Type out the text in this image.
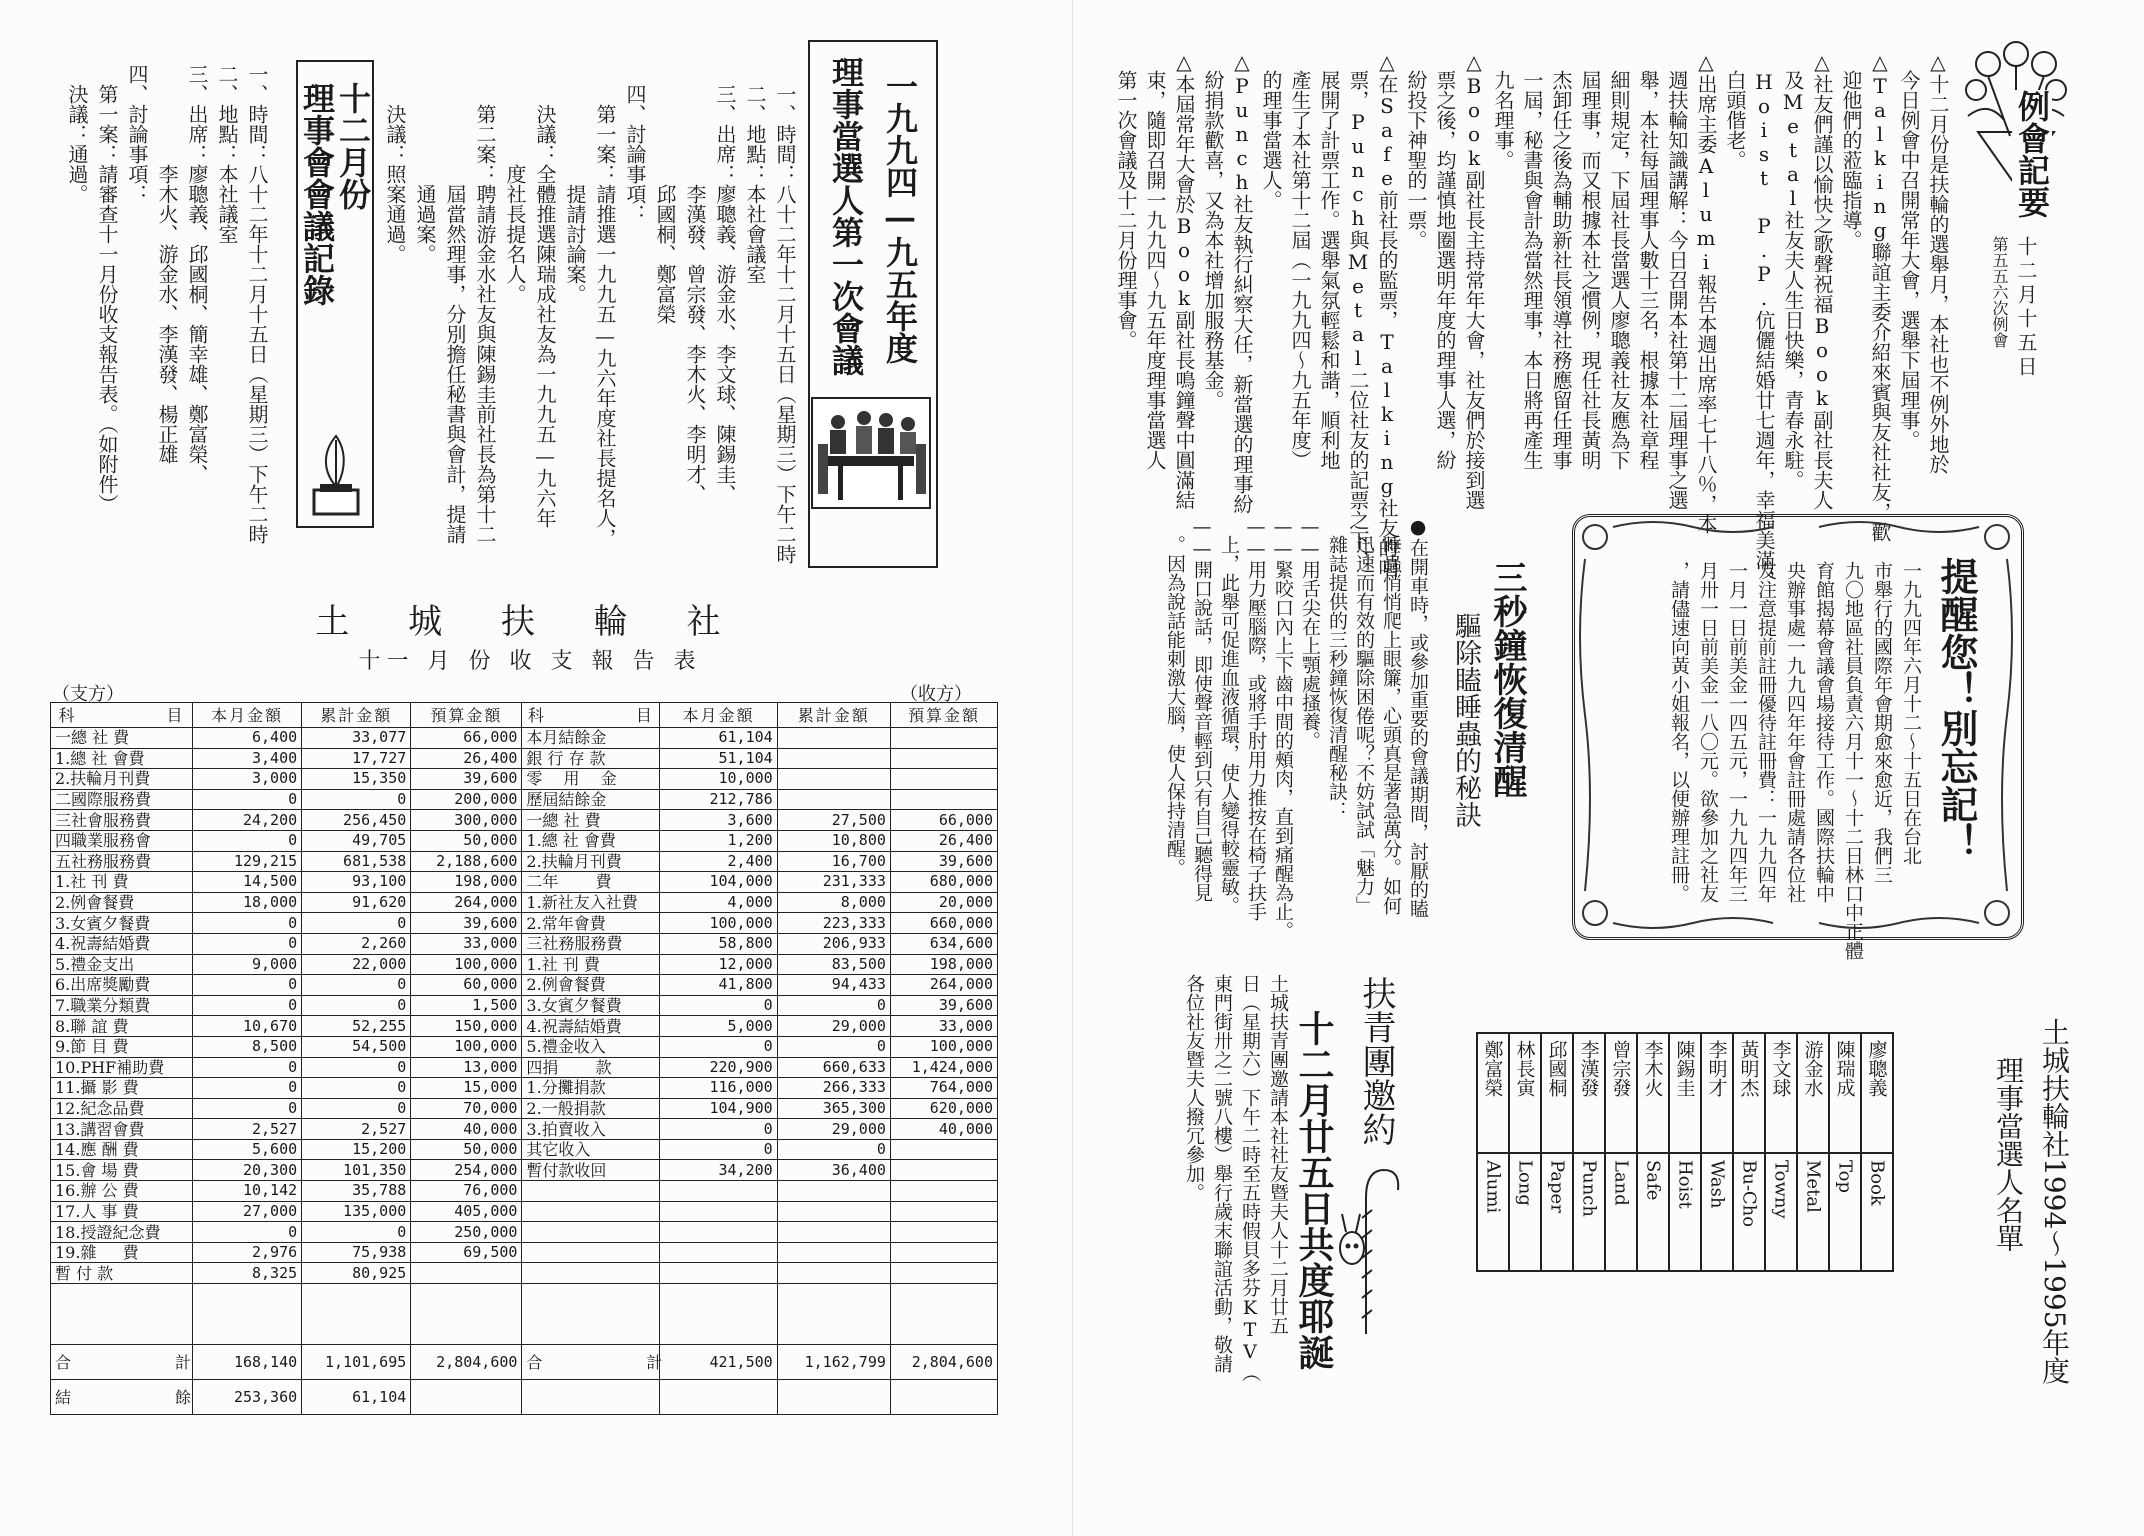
一九九四—九五年度
理事當選人第一次會議
一、時間：八十二年十二月十五日（星期三）下午二時
二、地點：本社會議室
三、出席：廖聰義、游金水、李文球、陳錫圭、
　　　　　李漢發、曾宗發、李木火、李明才、
　　　　　邱國桐、鄭富榮
四、討論事項：
　第一案：請推選一九九五—九六年度社長提名人，
　　　　　提請討論案。
　決議：全體推選陳瑞成社友為一九九五—九六年
　　　　度社長提名人。
　第二案：聘請游金水社友與陳錫圭前社長為第十二
　　　　　屆當然理事，分別擔任秘書與會計，提請
　　　　　通過案。
　決議：照案通過。
十二月份
理事會會議記錄
一、時間：八十二年十二月十五日（星期三）下午二時
二、地點：本社議室
三、出席：廖聰義、邱國桐、簡幸雄、鄭富榮、
　　　　　李木火、游金水、李漢發、楊正雄
四、討論事項：
　第一案：請審查十一月份收支報告表。（如附件）
　決議：通過。
土 城 扶 輪 社
十一 月 份 收 支 報 告 表
（支方）	（收方）
科　　　　　目	本月金額	累計金額	預算金額	科　　　　　目	本月金額	累計金額	預算金額
一總 社 費	6,400	33,077	66,000	本月結餘金	61,104		
1.總 社 會費	3,400	17,727	26,400	銀 行 存 款	51,104		
2.扶輪月刊費	3,000	15,350	39,600	零 　用 　金	10,000		
二國際服務費	0	0	200,000	歷屆結餘金	212,786		
三社會服務費	24,200	256,450	300,000	一總 社 費	3,600	27,500	66,000
四職業服務會	0	49,705	50,000	1.總 社 會費	1,200	10,800	26,400
五社務服務費	129,215	681,538	2,188,600	2.扶輪月刊費	2,400	16,700	39,600
1.社 刊 費	14,500	93,100	198,000	二年 　　費	104,000	231,333	680,000
2.例會餐費	18,000	91,620	264,000	1.新社友入社費	4,000	8,000	20,000
3.女賓夕餐費	0	0	39,600	2.常年會費	100,000	223,333	660,000
4.祝壽結婚費	0	2,260	33,000	三社務服務費	58,800	206,933	634,600
5.禮金支出	9,000	22,000	100,000	1.社 刊 費	12,000	83,500	198,000
6.出席獎勵費	0	0	60,000	2.例會餐費	41,800	94,433	264,000
7.職業分類費	0	0	1,500	3.女賓夕餐費	0	0	39,600
8.聯 誼 費	10,670	52,255	150,000	4.祝壽結婚費	5,000	29,000	33,000
9.節 目 費	8,500	54,500	100,000	5.禮金收入	0	0	100,000
10.PHF補助費	0	0	13,000	四捐 　　款	220,900	660,633	1,424,000
11.攝 影 費	0	0	15,000	1.分攤捐款	116,000	266,333	764,000
12.紀念品費	0	0	70,000	2.一般捐款	104,900	365,300	620,000
13.講習會費	2,527	2,527	40,000	3.拍賣收入	0	29,000	40,000
14.應 酬 費	5,600	15,200	50,000	其它收入	0	0	
15.會 場 費	20,300	101,350	254,000	暫付款收回	34,200	36,400	
16.辦 公 費	10,142	35,788	76,000				
17.人 事 費	27,000	135,000	405,000				
18.授證紀念費	0	0	250,000				
19.雜 　 費	2,976	75,938	69,500				
暫 付 款	8,325	80,925					

合　　　計	168,140	1,101,695	2,804,600	合　　　計	421,500	1,162,799	2,804,600
結　　　餘	253,360	61,104					
例會記要
十二月十五日
第五五六次例會
△十二月份是扶輪的選舉月，本社也不例外地於
　今日例會中召開常年大會，選舉下屆理事。
△Talking聯誼主委介紹來賓與友社社友，歡
　迎他們的蒞臨指導。
△社友們謹以愉快之歌聲祝福Book副社長夫人
　及Metal社友夫人生日快樂，青春永駐。
　Hoist P.P.伉儷結婚廿七週年，幸福美滿，
　白頭偕老。
△出席主委Alumi報告本週出席率七十八％，本
　週扶輪知識講解：今日召開本社第十二屆理事之選
　舉，本社每屆理事人數十三名，根據本社章程
　細則規定，下屆社長當選人廖聰義社友應為下
　屆理事，而又根據本社之慣例，現任社長黃明
　杰卸任之後為輔助新社長領導社務應留任理事
　一屆，秘書與會計為當然理事，本日將再產生
　九名理事。
△Book副社長主持常年大會，社友們於接到選
　票之後，均謹慎地圈選明年度的理事人選，紛
　紛投下神聖的一票。
△在Safe前社長的監票，Talking社友的唱
　票，Punch與Metal二位社友的記票之下，
　展開了計票工作。選舉氣氛輕鬆和諧，順利地
　產生了本社第十二屆（一九九四～九五年度）
　的理事當選人。
△Punch社友執行糾察大任，新當選的理事紛
　紛捐款歡喜，又為本社增加服務基金。
△本屆常年大會於Book副社長鳴鐘聲中圓滿結
　束，隨即召開一九九四～九五年度理事當選人
　第一次會議及十二月份理事會。
提醒您！別忘記！
一九九四年六月十二～十五日在台北
市舉行的國際年會期愈來愈近，我們三
九〇地區社員負責六月十一～十二日林口中正體
育館揭幕會議會場接待工作。國際扶輪中
央辦事處一九九四年年會註冊處請各位社
友注意提前註冊優待註冊費：一九九四年
一月一日前美金一四五元，一九九四年三
月卅一日前美金一八〇元。欲參加之社友
，請儘速向黃小姐報名，以便辦理註冊。
三秒鐘恢復清醒
驅除瞌睡蟲的秘訣
●在開車時，或參加重要的會議期間，討厭的瞌
　睡蟲悄悄爬上眼簾，心頭真是著急萬分。如何
　迅速而有效的驅除困倦呢？不妨試試「魅力」
　雜誌提供的三秒鐘恢復清醒秘訣：
——用舌尖在上顎處搔養。
——緊咬口內上下齒中間的頰肉，直到痛醒為止。
——用力壓腦際，或將手肘用力推按在椅子扶手
　上，此舉可促進血液循環，使人變得較靈敏。
——開口說話，即使聲音輕到只有自己聽得見
　。因為說話能刺激大腦，使人保持清醒。
扶青團邀約
十二月廿五日共度耶誕
土城扶青團邀請本社社友暨夫人十二月廿五
日（星期六）下午二時至五時假貝多芬KTV（
東門街卅之二號八樓）舉行歲末聯誼活動，敬請
各位社友暨夫人撥冗參加。	土城扶輪社1994～1995年度
理事當選人名單
鄭富榮	林長寅	邱國桐	李漢發	曾宗發	李木火	陳錫圭	李明才	黃明杰	李文球	游金水	陳瑞成	廖聰義
Alumi	Long	Paper	Punch	Land	Safe	Hoist	Wash	Bu-Cho	Towny	Metal	Top	Book
